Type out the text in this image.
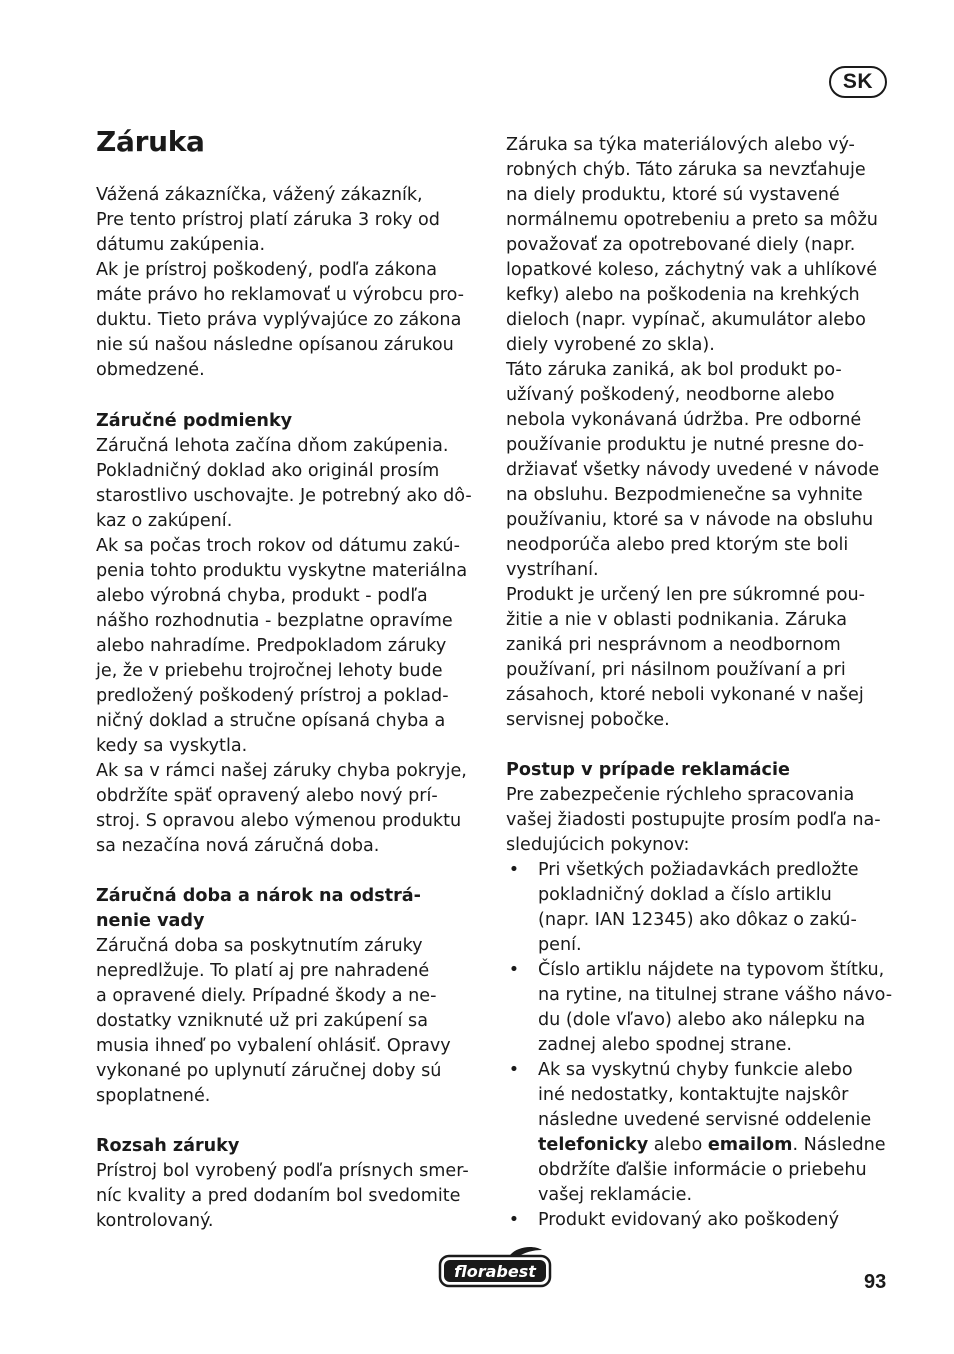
SK
Záruka
Vážená zákazníčka, vážený zákazník,
Pre tento prístroj platí záruka 3 roky od
dátumu zakúpenia.
Ak je prístroj poškodený, podľa zákona
máte právo ho reklamovať u výrobcu pro-
duktu. Tieto práva vyplývajúce zo zákona
nie sú našou následne opísanou zárukou
obmedzené.
Záručné podmienky
Záručná lehota začína dňom zakúpenia.
Pokladničný doklad ako originál prosím
starostlivo uschovajte. Je potrebný ako dô-
kaz o zakúpení.
Ak sa počas troch rokov od dátumu zakú-
penia tohto produktu vyskytne materiálna
alebo výrobná chyba, produkt - podľa
nášho rozhodnutia - bezplatne opravíme
alebo nahradíme. Predpokladom záruky
je, že v priebehu trojročnej lehoty bude
predložený poškodený prístroj a poklad-
ničný doklad a stručne opísaná chyba a
kedy sa vyskytla.
Ak sa v rámci našej záruky chyba pokryje,
obdržíte späť opravený alebo nový prí-
stroj. S opravou alebo výmenou produktu
sa nezačína nová záručná doba.
Záručná doba a nárok na odstrá-
nenie vady
Záručná doba sa poskytnutím záruky
nepredlžuje. To platí aj pre nahradené
a opravené diely. Prípadné škody a ne-
dostatky vzniknuté už pri zakúpení sa
musia ihneď po vybalení ohlásiť. Opravy
vykonané po uplynutí záručnej doby sú
spoplatnené.
Rozsah záruky
Prístroj bol vyrobený podľa prísnych smer-
níc kvality a pred dodaním bol svedomite
kontrolovaný.
Záruka sa týka materiálových alebo vý-
robných chýb. Táto záruka sa nevzťahuje
na diely produktu, ktoré sú vystavené
normálnemu opotrebeniu a preto sa môžu
považovať za opotrebované diely (napr.
lopatkové koleso, záchytný vak a uhlíkové
kefky) alebo na poškodenia na krehkých
dieloch (napr. vypínač, akumulátor alebo
diely vyrobené zo skla).
Táto záruka zaniká, ak bol produkt po-
užívaný poškodený, neodborne alebo
nebola vykonávaná údržba. Pre odborné
používanie produktu je nutné presne do-
držiavať všetky návody uvedené v návode
na obsluhu. Bezpodmienečne sa vyhnite
používaniu, ktoré sa v návode na obsluhu
neodporúča alebo pred ktorým ste boli
vystríhaní.
Produkt je určený len pre súkromné pou-
žitie a nie v oblasti podnikania. Záruka
zaniká pri nesprávnom a neodbornom
používaní, pri násilnom používaní a pri
zásahoch, ktoré neboli vykonané v našej
servisnej pobočke.
Postup v prípade reklamácie
Pre zabezpečenie rýchleho spracovania
vašej žiadosti postupujte prosím podľa na-
sledujúcich pokynov:
• Pri všetkých požiadavkách predložte
pokladničný doklad a číslo artiklu
(napr. IAN 12345) ako dôkaz o zakú-
pení.
• Číslo artiklu nájdete na typovom štítku,
na rytine, na titulnej strane vášho návo-
du (dole vľavo) alebo ako nálepku na
zadnej alebo spodnej strane.
• Ak sa vyskytnú chyby funkcie alebo
iné nedostatky, kontaktujte najskôr
následne uvedené servisné oddelenie
telefonicky alebo emailom. Následne
obdržíte ďalšie informácie o priebehu
vašej reklamácie.
• Produkt evidovaný ako poškodený
florabest	93
